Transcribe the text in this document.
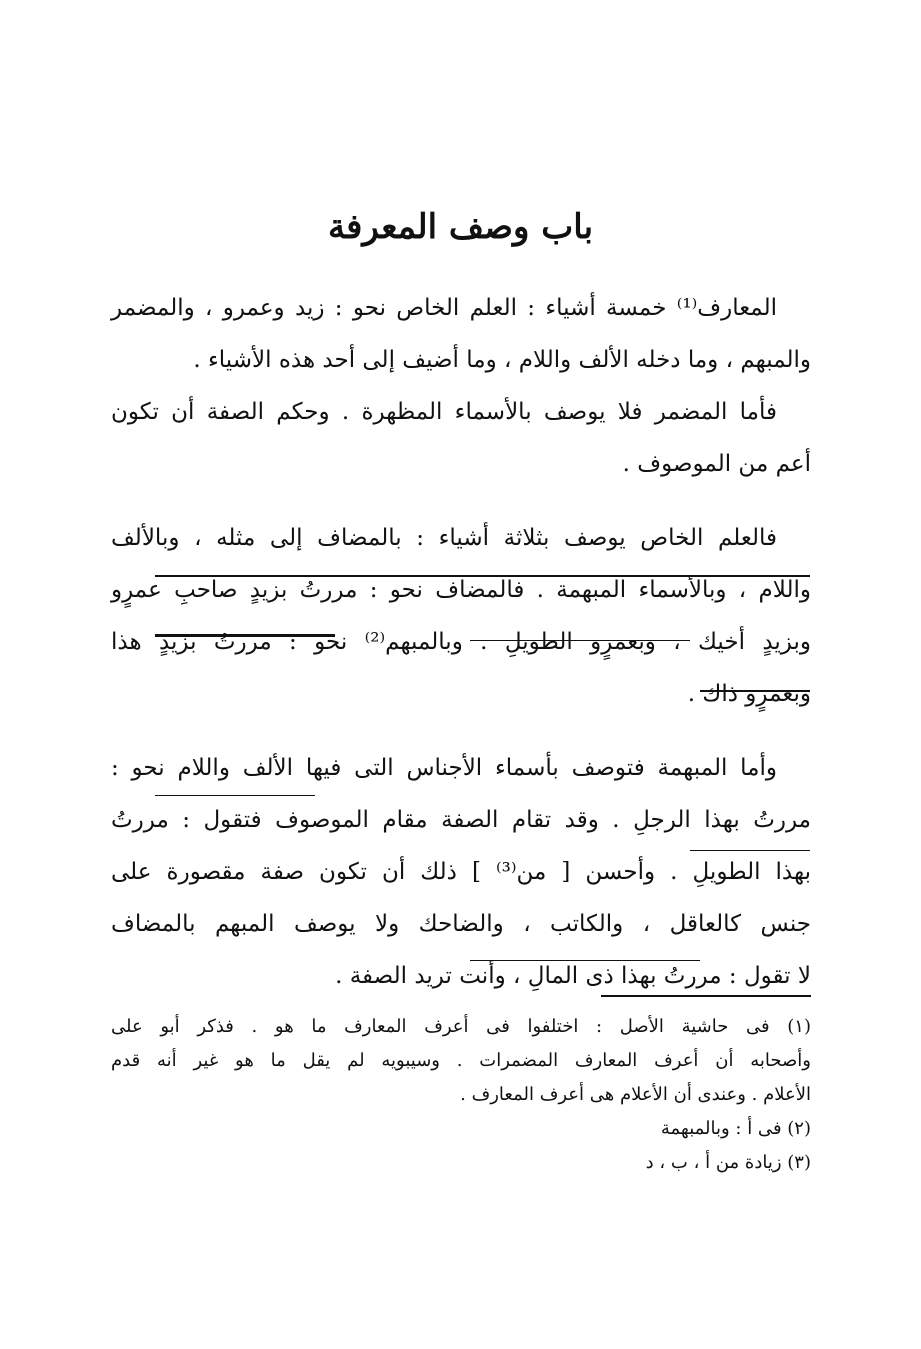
باب وصف المعرفة
المعارف⁽¹⁾ خمسة أشياء : العلم الخاص نحو : زيد وعمرو ، والمضمر
والمبهم ، وما دخله الألف واللام ، وما أضيف إلى أحد هذه الأشياء .
فأما المضمر فلا يوصف بالأسماء المظهرة . وحكم الصفة أن تكون
أعم من الموصوف .
فالعلم الخاص يوصف بثلاثة أشياء : بالمضاف إلى مثله ، وبالألف
واللام ، وبالأسماء المبهمة . فالمضاف نحو : مررتُ بزيدٍ صاحبِ عمرٍو
وبزيدٍ أخيك ، وبعمرٍو الطويلِ . وبالمبهم⁽²⁾ نحو : مررتُ بزيدٍ هذا
وبعمرٍو ذاك .
وأما المبهمة فتوصف بأسماء الأجناس التى فيها الألف واللام نحو :
مررتُ بهذا الرجلِ . وقد تقام الصفة مقام الموصوف فتقول : مررتُ
بهذا الطويلِ . وأحسن [ من⁽³⁾ ] ذلك أن تكون صفة مقصورة على
جنس كالعاقل ، والكاتب ، والضاحك ولا يوصف المبهم بالمضاف
لا تقول : مررتُ بهذا ذى المالِ ، وأنت تريد الصفة .
(١) فى حاشية الأصل : اختلفوا فى أعرف المعارف ما هو . فذكر أبو على
وأصحابه أن أعرف المعارف المضمرات . وسيبويه لم يقل ما هو غير أنه قدم
الأعلام . وعندى أن الأعلام هى أعرف المعارف .
(٢) فى أ : وبالمبهمة
(٣) زيادة من أ ، ب ، د
